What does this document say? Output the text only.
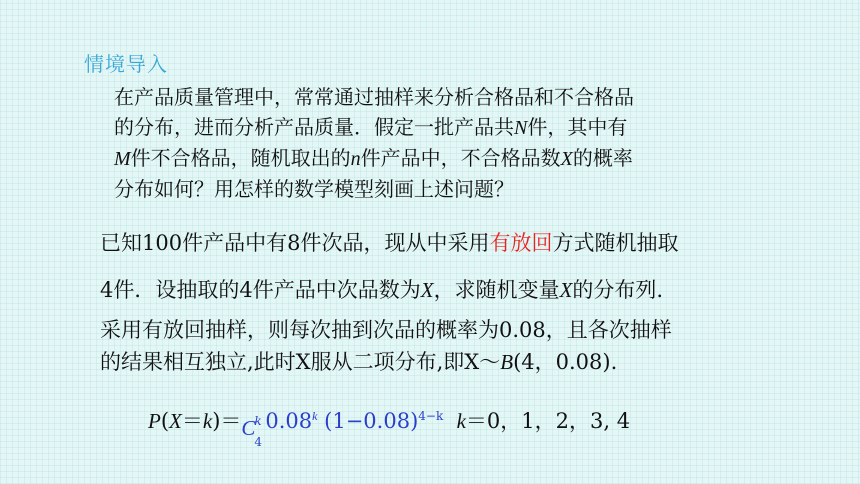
情境导入

在产品质量管理中，常常通过抽样来分析合格品和不合格品
的分布，进而分析产品质量．假定一批产品共N件，其中有
M件不合格品，随机取出的n件产品中，不合格品数X的概率
分布如何？用怎样的数学模型刻画上述问题？

已知100件产品中有8件次品，现从中采用有放回方式随机抽取
4件．设抽取的4件产品中次品数为X，求随机变量X的分布列.
采用有放回抽样，则每次抽到次品的概率为0.08，且各次抽样
的结果相互独立,此时X服从二项分布,即X～B(4，0.08).

P(X＝k)＝ C
k
4
0.08$^k$ $(1-0.08)^{4-k}$ k＝0，1，2，3, 4
